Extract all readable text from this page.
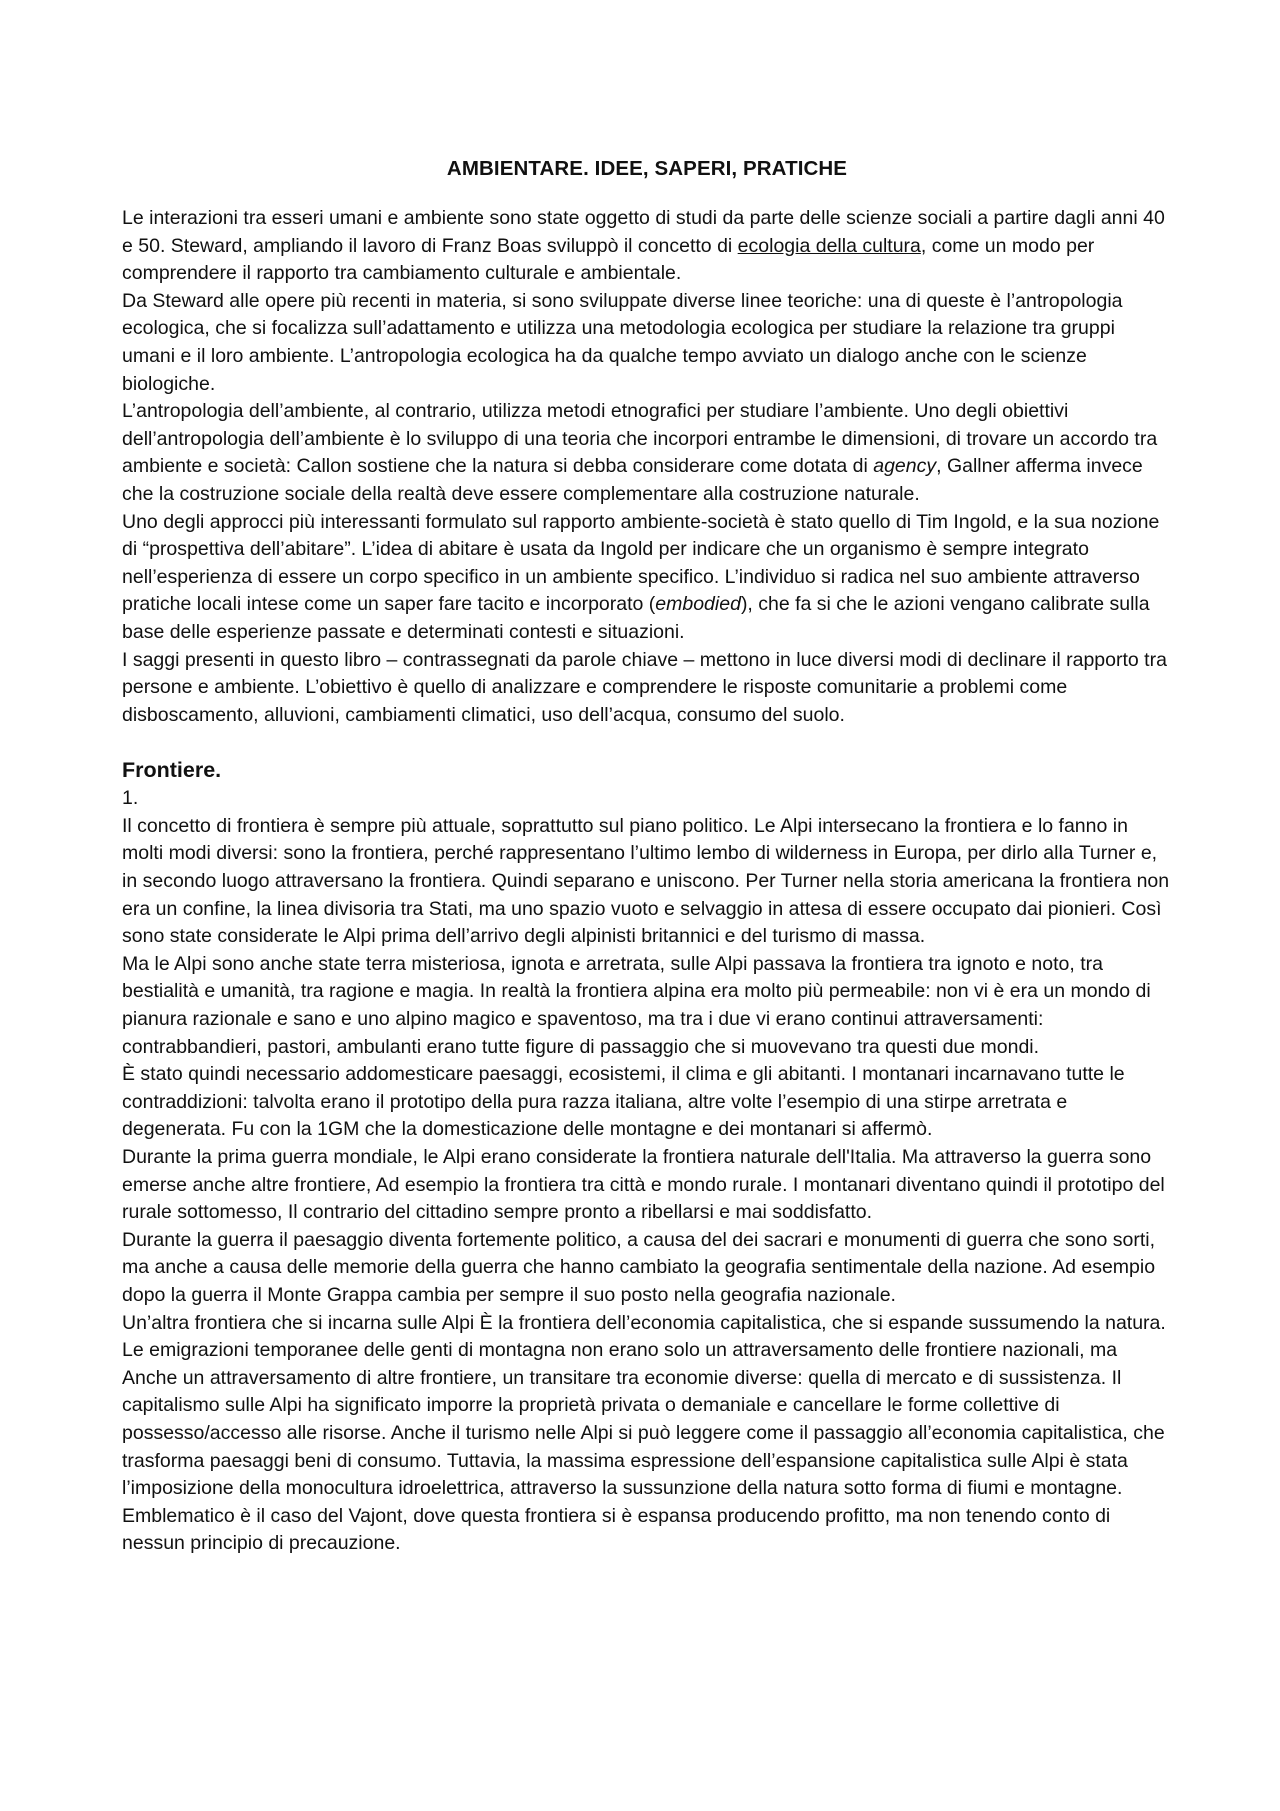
AMBIENTARE. IDEE, SAPERI, PRATICHE

Le interazioni tra esseri umani e ambiente sono state oggetto di studi da parte delle scienze sociali a partire dagli anni 40 e 50. Steward, ampliando il lavoro di Franz Boas sviluppò il concetto di ecologia della cultura, come un modo per comprendere il rapporto tra cambiamento culturale e ambientale.

Da Steward alle opere più recenti in materia, si sono sviluppate diverse linee teoriche: una di queste è l’antropologia ecologica, che si focalizza sull’adattamento e utilizza una metodologia ecologica per studiare la relazione tra gruppi umani e il loro ambiente. L’antropologia ecologica ha da qualche tempo avviato un dialogo anche con le scienze biologiche.

L’antropologia dell’ambiente, al contrario, utilizza metodi etnografici per studiare l’ambiente. Uno degli obiettivi dell’antropologia dell’ambiente è lo sviluppo di una teoria che incorpori entrambe le dimensioni, di trovare un accordo tra ambiente e società: Callon sostiene che la natura si debba considerare come dotata di agency, Gallner afferma invece che la costruzione sociale della realtà deve essere complementare alla costruzione naturale.

Uno degli approcci più interessanti formulato sul rapporto ambiente-società è stato quello di Tim Ingold, e la sua nozione di “prospettiva dell’abitare”. L’idea di abitare è usata da Ingold per indicare che un organismo è sempre integrato nell’esperienza di essere un corpo specifico in un ambiente specifico. L’individuo si radica nel suo ambiente attraverso pratiche locali intese come un saper fare tacito e incorporato (embodied), che fa si che le azioni vengano calibrate sulla base delle esperienze passate e determinati contesti e situazioni.

I saggi presenti in questo libro – contrassegnati da parole chiave – mettono in luce diversi modi di declinare il rapporto tra persone e ambiente. L’obiettivo è quello di analizzare e comprendere le risposte comunitarie a problemi come disboscamento, alluvioni, cambiamenti climatici, uso dell’acqua, consumo del suolo.

Frontiere.

1.

Il concetto di frontiera è sempre più attuale, soprattutto sul piano politico. Le Alpi intersecano la frontiera e lo fanno in molti modi diversi: sono la frontiera, perché rappresentano l’ultimo lembo di wilderness in Europa, per dirlo alla Turner e, in secondo luogo attraversano la frontiera. Quindi separano e uniscono. Per Turner nella storia americana la frontiera non era un confine, la linea divisoria tra Stati, ma uno spazio vuoto e selvaggio in attesa di essere occupato dai pionieri. Così sono state considerate le Alpi prima dell’arrivo degli alpinisti britannici e del turismo di massa.

Ma le Alpi sono anche state terra misteriosa, ignota e arretrata, sulle Alpi passava la frontiera tra ignoto e noto, tra bestialità e umanità, tra ragione e magia. In realtà la frontiera alpina era molto più permeabile: non vi è era un mondo di pianura razionale e sano e uno alpino magico e spaventoso, ma tra i due vi erano continui attraversamenti: contrabbandieri, pastori, ambulanti erano tutte figure di passaggio che si muovevano tra questi due mondi.

È stato quindi necessario addomesticare paesaggi, ecosistemi, il clima e gli abitanti. I montanari incarnavano tutte le contraddizioni: talvolta erano il prototipo della pura razza italiana, altre volte l’esempio di una stirpe arretrata e degenerata. Fu con la 1GM che la domesticazione delle montagne e dei montanari si affermò.

Durante la prima guerra mondiale, le Alpi erano considerate la frontiera naturale dell'Italia. Ma attraverso la guerra sono emerse anche altre frontiere, Ad esempio la frontiera tra città e mondo rurale. I montanari diventano quindi il prototipo del rurale sottomesso, Il contrario del cittadino sempre pronto a ribellarsi e mai soddisfatto.

Durante la guerra il paesaggio diventa fortemente politico, a causa del dei sacrari e monumenti di guerra che sono sorti, ma anche a causa delle memorie della guerra che hanno cambiato la geografia sentimentale della nazione. Ad esempio dopo la guerra il Monte Grappa cambia per sempre il suo posto nella geografia nazionale.

Un’altra frontiera che si incarna sulle Alpi È la frontiera dell’economia capitalistica, che si espande sussumendo la natura. Le emigrazioni temporanee delle genti di montagna non erano solo un attraversamento delle frontiere nazionali, ma Anche un attraversamento di altre frontiere, un transitare tra economie diverse: quella di mercato e di sussistenza. Il capitalismo sulle Alpi ha significato imporre la proprietà privata o demaniale e cancellare le forme collettive di possesso/accesso alle risorse. Anche il turismo nelle Alpi si può leggere come il passaggio all’economia capitalistica, che trasforma paesaggi beni di consumo. Tuttavia, la massima espressione dell’espansione capitalistica sulle Alpi è stata l’imposizione della monocultura idroelettrica, attraverso la sussunzione della natura sotto forma di fiumi e montagne. Emblematico è il caso del Vajont, dove questa frontiera si è espansa producendo profitto, ma non tenendo conto di nessun principio di precauzione.
